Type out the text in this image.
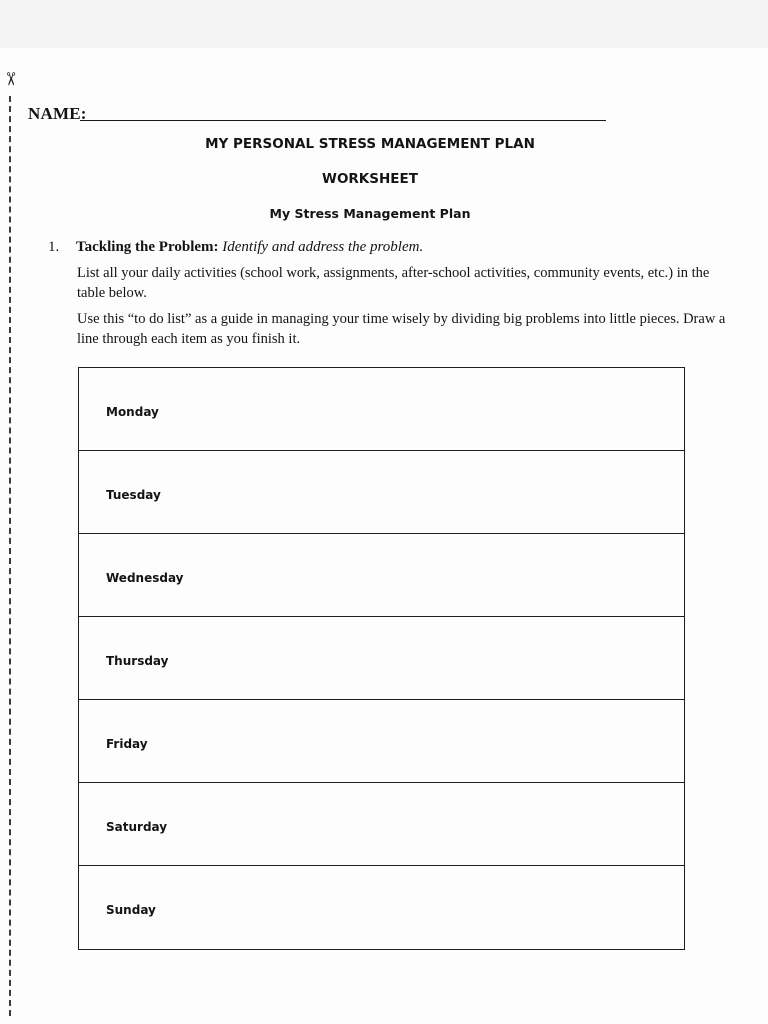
✂
NAME:
MY PERSONAL STRESS MANAGEMENT PLAN
WORKSHEET
My Stress Management Plan
1. Tackling the Problem: Identify and address the problem.
List all your daily activities (school work, assignments, after-school activities, community events, etc.) in the table below.
Use this “to do list” as a guide in managing your time wisely by dividing big problems into little pieces. Draw a line through each item as you finish it.
Monday
Tuesday
Wednesday
Thursday
Friday
Saturday
Sunday
